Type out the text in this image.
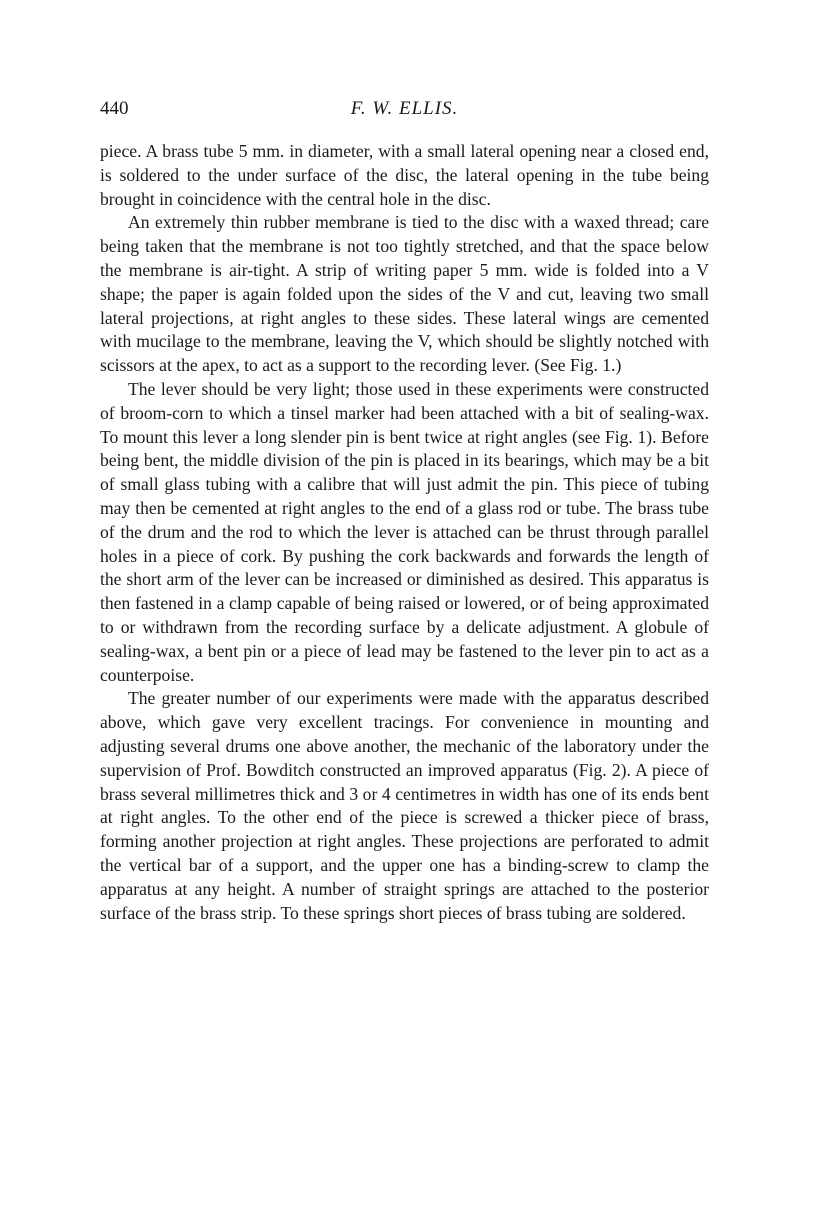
440	F. W. ELLIS.

piece. A brass tube 5 mm. in diameter, with a small lateral opening near a closed end, is soldered to the under surface of the disc, the lateral opening in the tube being brought in coincidence with the central hole in the disc.

An extremely thin rubber membrane is tied to the disc with a waxed thread; care being taken that the membrane is not too tightly stretched, and that the space below the membrane is air-tight. A strip of writing paper 5 mm. wide is folded into a V shape; the paper is again folded upon the sides of the V and cut, leaving two small lateral projections, at right angles to these sides. These lateral wings are cemented with mucilage to the membrane, leaving the V, which should be slightly notched with scissors at the apex, to act as a support to the recording lever. (See Fig. 1.)

The lever should be very light; those used in these experiments were constructed of broom-corn to which a tinsel marker had been attached with a bit of sealing-wax. To mount this lever a long slender pin is bent twice at right angles (see Fig. 1). Before being bent, the middle division of the pin is placed in its bearings, which may be a bit of small glass tubing with a calibre that will just admit the pin. This piece of tubing may then be cemented at right angles to the end of a glass rod or tube. The brass tube of the drum and the rod to which the lever is attached can be thrust through parallel holes in a piece of cork. By pushing the cork backwards and forwards the length of the short arm of the lever can be increased or diminished as desired. This apparatus is then fastened in a clamp capable of being raised or lowered, or of being approximated to or withdrawn from the recording surface by a delicate adjustment. A globule of sealing-wax, a bent pin or a piece of lead may be fastened to the lever pin to act as a counterpoise.

The greater number of our experiments were made with the apparatus described above, which gave very excellent tracings. For convenience in mounting and adjusting several drums one above another, the mechanic of the laboratory under the supervision of Prof. Bowditch constructed an improved apparatus (Fig. 2). A piece of brass several millimetres thick and 3 or 4 centimetres in width has one of its ends bent at right angles. To the other end of the piece is screwed a thicker piece of brass, forming another projection at right angles. These projections are perforated to admit the vertical bar of a support, and the upper one has a binding-screw to clamp the apparatus at any height. A number of straight springs are attached to the posterior surface of the brass strip. To these springs short pieces of brass tubing are soldered.
